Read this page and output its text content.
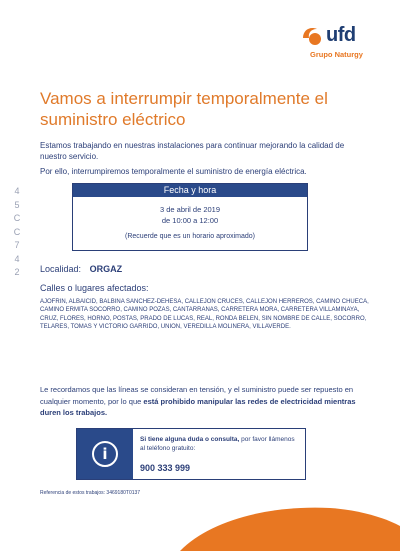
ufd
Grupo Naturgy
4
5
C
C
7
4
2
Vamos a interrumpir temporalmente el suministro eléctrico

Estamos trabajando en nuestras instalaciones para continuar mejorando la calidad de nuestro servicio.

Por ello, interrumpiremos temporalmente el suministro de energía eléctrica.

Fecha y hora
3 de abril de 2019
de 10:00 a 12:00
(Recuerde que es un horario aproximado)
Localidad: ORGAZ
Calles o lugares afectados:

AJOFRIN, ALBAICID, BALBINA SANCHEZ-DEHESA, CALLEJON CRUCES, CALLEJON HERREROS, CAMINO CHUECA, CAMINO ERMITA SOCORRO, CAMINO POZAS, CANTARRANAS, CARRETERA MORA, CARRETERA VILLAMINAYA, CRUZ, FLORES, HORNO, POSTAS, PRADO DE LUCAS, REAL, RONDA BELEN, SIN NOMBRE DE CALLE, SOCORRO, TELARES, TOMAS Y VICTORIO GARRIDO, UNION, VEREDILLA MOLINERA, VILLAVERDE.

Le recordamos que las líneas se consideran en tensión, y el suministro puede ser repuesto en cualquier momento, por lo que está prohibido manipular las redes de electricidad mientras duren los trabajos.

i

Si tiene alguna duda o consulta, por favor llámenos al teléfono gratuito:

900 333 999
Referencia de estos trabajos: 3469180T0137
